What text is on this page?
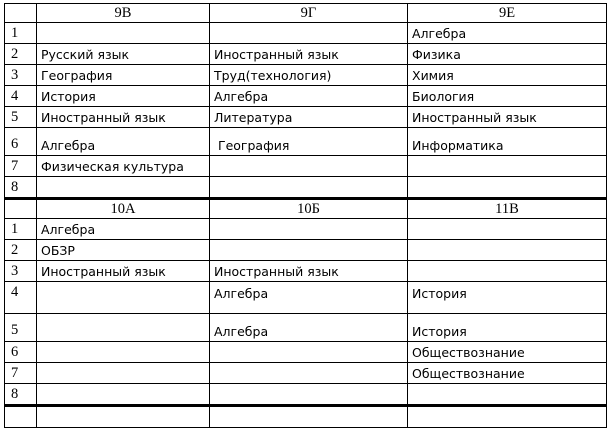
	9В	9Г	9Е
1			Алгебра
2	Русский язык	Иностранный язык	Физика
3	География	Труд(технология)	Химия
4	История	Алгебра	Биология
5	Иностранный язык	Литература	Иностранный язык
6	Алгебра	География	Информатика
7	Физическая культура		
8			
	10А	10Б	11В
1	Алгебра		
2	ОБЗР		
3	Иностранный язык	Иностранный язык	
4		Алгебра	История
5		Алгебра	История
6			Обществознание
7			Обществознание
8			
